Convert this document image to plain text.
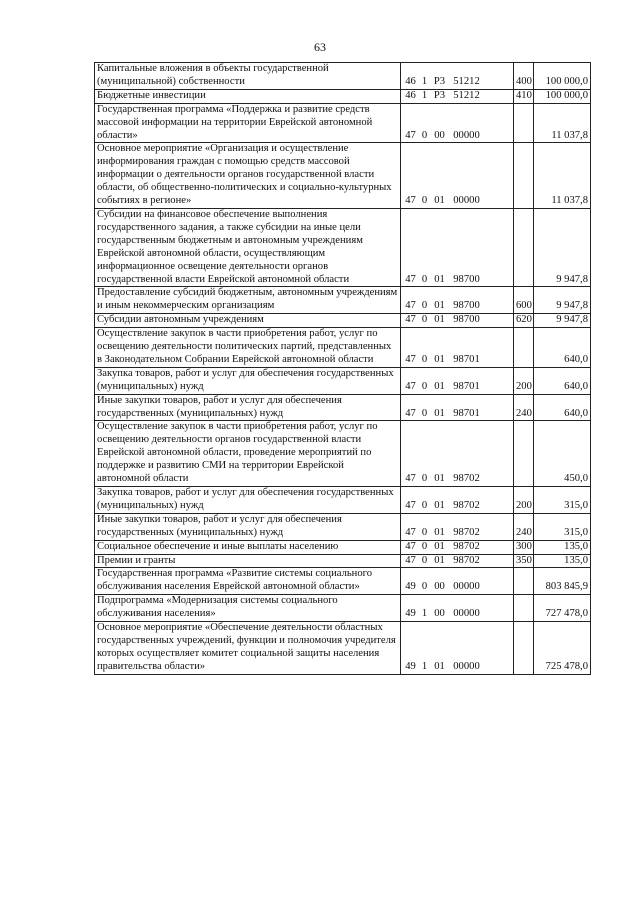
63
Капитальные вложения в объекты государственной (муниципальной) собственности	46 1 Р3 51212	400	100 000,0
Бюджетные инвестиции	46 1 Р3 51212	410	100 000,0
Государственная программа «Поддержка и развитие средств массовой информации на территории Еврейской автономной области»	47 0 00 00000		11 037,8
Основное мероприятие «Организация и осуществление информирования граждан с помощью средств массовой информации о деятельности органов государственной власти области, об общественно-политических и социально-культурных событиях в регионе»	47 0 01 00000		11 037,8
Субсидии на финансовое обеспечение выполнения государственного задания, а также субсидии на иные цели государственным бюджетным и автономным учреждениям Еврейской автономной области, осуществляющим информационное освещение деятельности органов государственной власти Еврейской автономной области	47 0 01 98700		9 947,8
Предоставление субсидий бюджетным, автономным учреждениям и иным некоммерческим организациям	47 0 01 98700	600	9 947,8
Субсидии автономным учреждениям	47 0 01 98700	620	9 947,8
Осуществление закупок в части приобретения работ, услуг по освещению деятельности политических партий, представленных в Законодательном Собрании Еврейской автономной области	47 0 01 98701		640,0
Закупка товаров, работ и услуг для обеспечения государственных (муниципальных) нужд	47 0 01 98701	200	640,0
Иные закупки товаров, работ и услуг для обеспечения государственных (муниципальных) нужд	47 0 01 98701	240	640,0
Осуществление закупок в части приобретения работ, услуг по освещению деятельности органов государственной власти Еврейской автономной области, проведение мероприятий по поддержке и развитию СМИ на территории Еврейской автономной области	47 0 01 98702		450,0
Закупка товаров, работ и услуг для обеспечения государственных (муниципальных) нужд	47 0 01 98702	200	315,0
Иные закупки товаров, работ и услуг для обеспечения государственных (муниципальных) нужд	47 0 01 98702	240	315,0
Социальное обеспечение и иные выплаты населению	47 0 01 98702	300	135,0
Премии и гранты	47 0 01 98702	350	135,0
Государственная программа «Развитие системы социального обслуживания населения Еврейской автономной области»	49 0 00 00000		803 845,9
Подпрограмма «Модернизация системы социального обслуживания населения»	49 1 00 00000		727 478,0
Основное мероприятие «Обеспечение деятельности областных государственных учреждений, функции и полномочия учредителя которых осуществляет комитет социальной защиты населения правительства области»	49 1 01 00000		725 478,0
